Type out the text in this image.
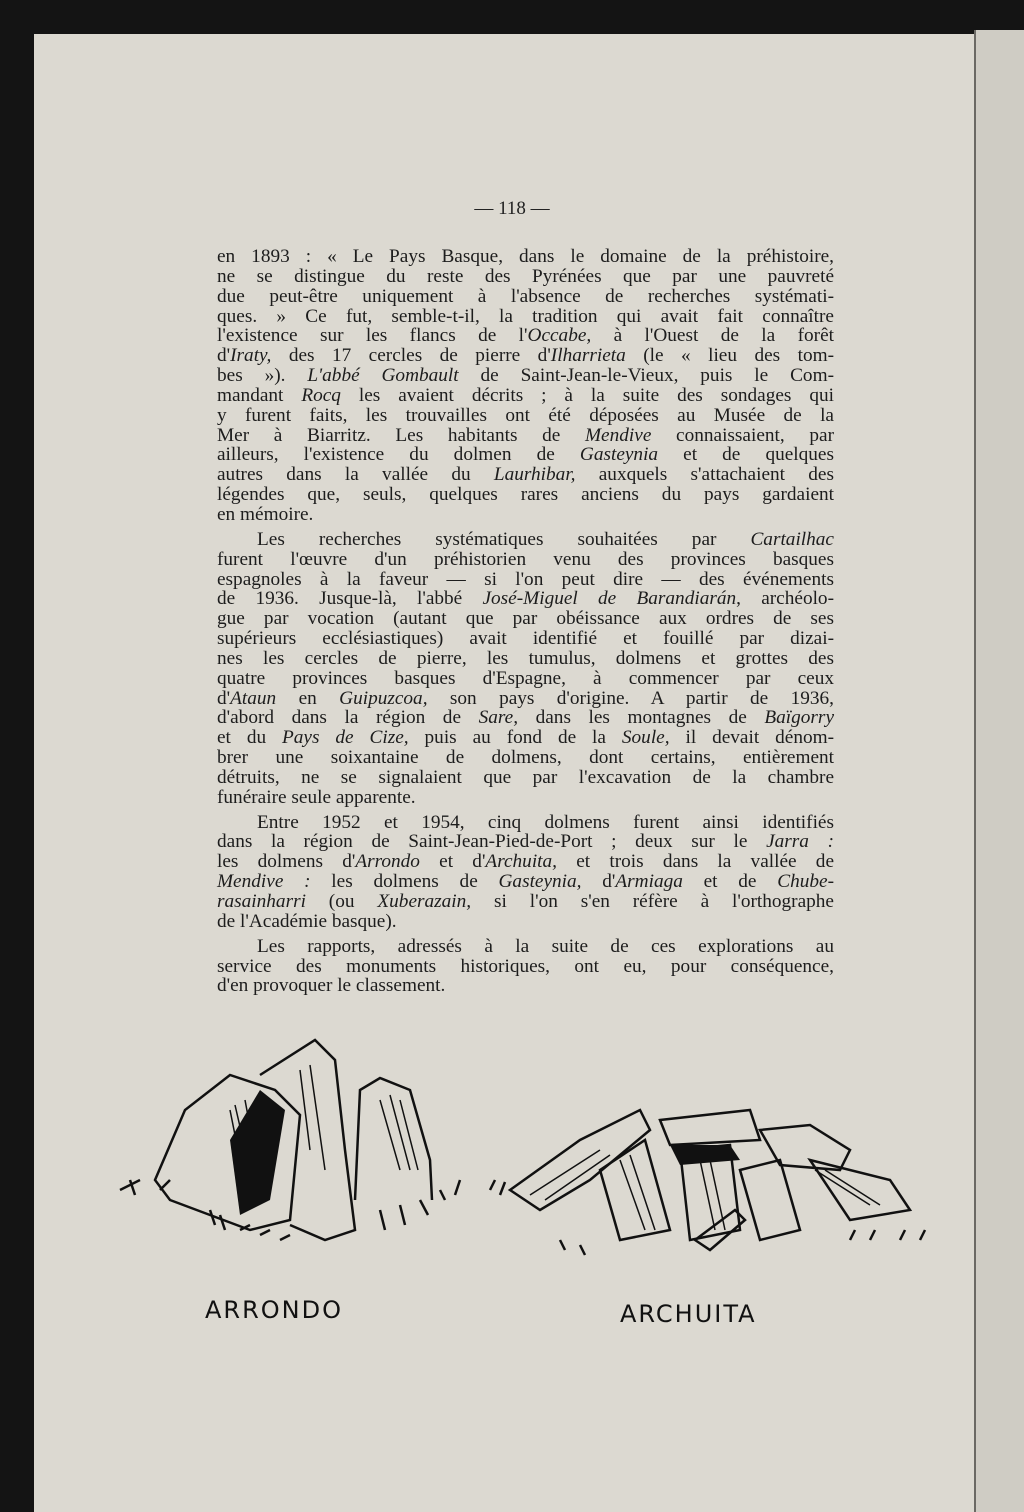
— 118 —
en 1893 : « Le Pays Basque, dans le domaine de la préhistoire,
ne se distingue du reste des Pyrénées que par une pauvreté
due peut-être uniquement à l'absence de recherches systémati-
ques. » Ce fut, semble-t-il, la tradition qui avait fait connaître
l'existence sur les flancs de l'Occabe, à l'Ouest de la forêt
d'Iraty, des 17 cercles de pierre d'Ilharrieta (le « lieu des tom-
bes »). L'abbé Gombault de Saint-Jean-le-Vieux, puis le Com-
mandant Rocq les avaient décrits ; à la suite des sondages qui
y furent faits, les trouvailles ont été déposées au Musée de la
Mer à Biarritz. Les habitants de Mendive connaissaient, par
ailleurs, l'existence du dolmen de Gasteynia et de quelques
autres dans la vallée du Laurhibar, auxquels s'attachaient des
légendes que, seuls, quelques rares anciens du pays gardaient
en mémoire.
Les recherches systématiques souhaitées par Cartailhac
furent l'œuvre d'un préhistorien venu des provinces basques
espagnoles à la faveur — si l'on peut dire — des événements
de 1936. Jusque-là, l'abbé José-Miguel de Barandiarán, archéolo-
gue par vocation (autant que par obéissance aux ordres de ses
supérieurs ecclésiastiques) avait identifié et fouillé par dizai-
nes les cercles de pierre, les tumulus, dolmens et grottes des
quatre provinces basques d'Espagne, à commencer par ceux
d'Ataun en Guipuzcoa, son pays d'origine. A partir de 1936,
d'abord dans la région de Sare, dans les montagnes de Baïgorry
et du Pays de Cize, puis au fond de la Soule, il devait dénom-
brer une soixantaine de dolmens, dont certains, entièrement
détruits, ne se signalaient que par l'excavation de la chambre
funéraire seule apparente.
Entre 1952 et 1954, cinq dolmens furent ainsi identifiés
dans la région de Saint-Jean-Pied-de-Port ; deux sur le Jarra :
les dolmens d'Arrondo et d'Archuita, et trois dans la vallée de
Mendive : les dolmens de Gasteynia, d'Armiaga et de Chube-
rasainharri (ou Xuberazain, si l'on s'en réfère à l'orthographe
de l'Académie basque).
Les rapports, adressés à la suite de ces explorations au
service des monuments historiques, ont eu, pour conséquence,
d'en provoquer le classement.
ARRONDO	ARCHUITA
